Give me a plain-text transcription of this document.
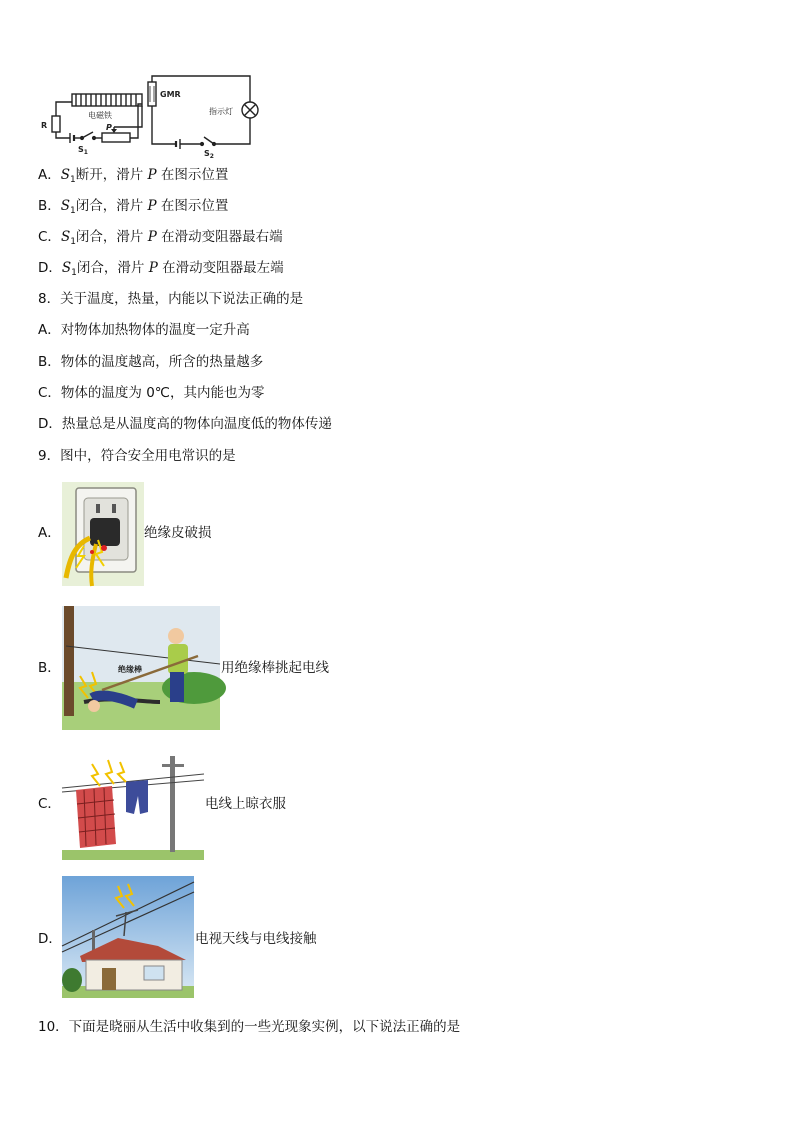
R
电磁铁
P
$S_1$
GMR
指示灯
$S_2$
A．$S_1$断开，滑片 P 在图示位置
B．$S_1$闭合，滑片 P 在图示位置
C．$S_1$闭合，滑片 P 在滑动变阻器最右端
D．$S_1$闭合，滑片 P 在滑动变阻器最左端
8．关于温度，热量，内能以下说法正确的是
A．对物体加热物体的温度一定升高
B．物体的温度越高，所含的热量越多
C．物体的温度为 0℃，其内能也为零
D．热量总是从温度高的物体向温度低的物体传递
9．图中，符合安全用电常识的是
A．	绝缘皮破损
B．	绝缘棒	用绝缘棒挑起电线
C．	电线上晾衣服
D．	电视天线与电线接触
10．下面是晓丽从生活中收集到的一些光现象实例，以下说法正确的是
